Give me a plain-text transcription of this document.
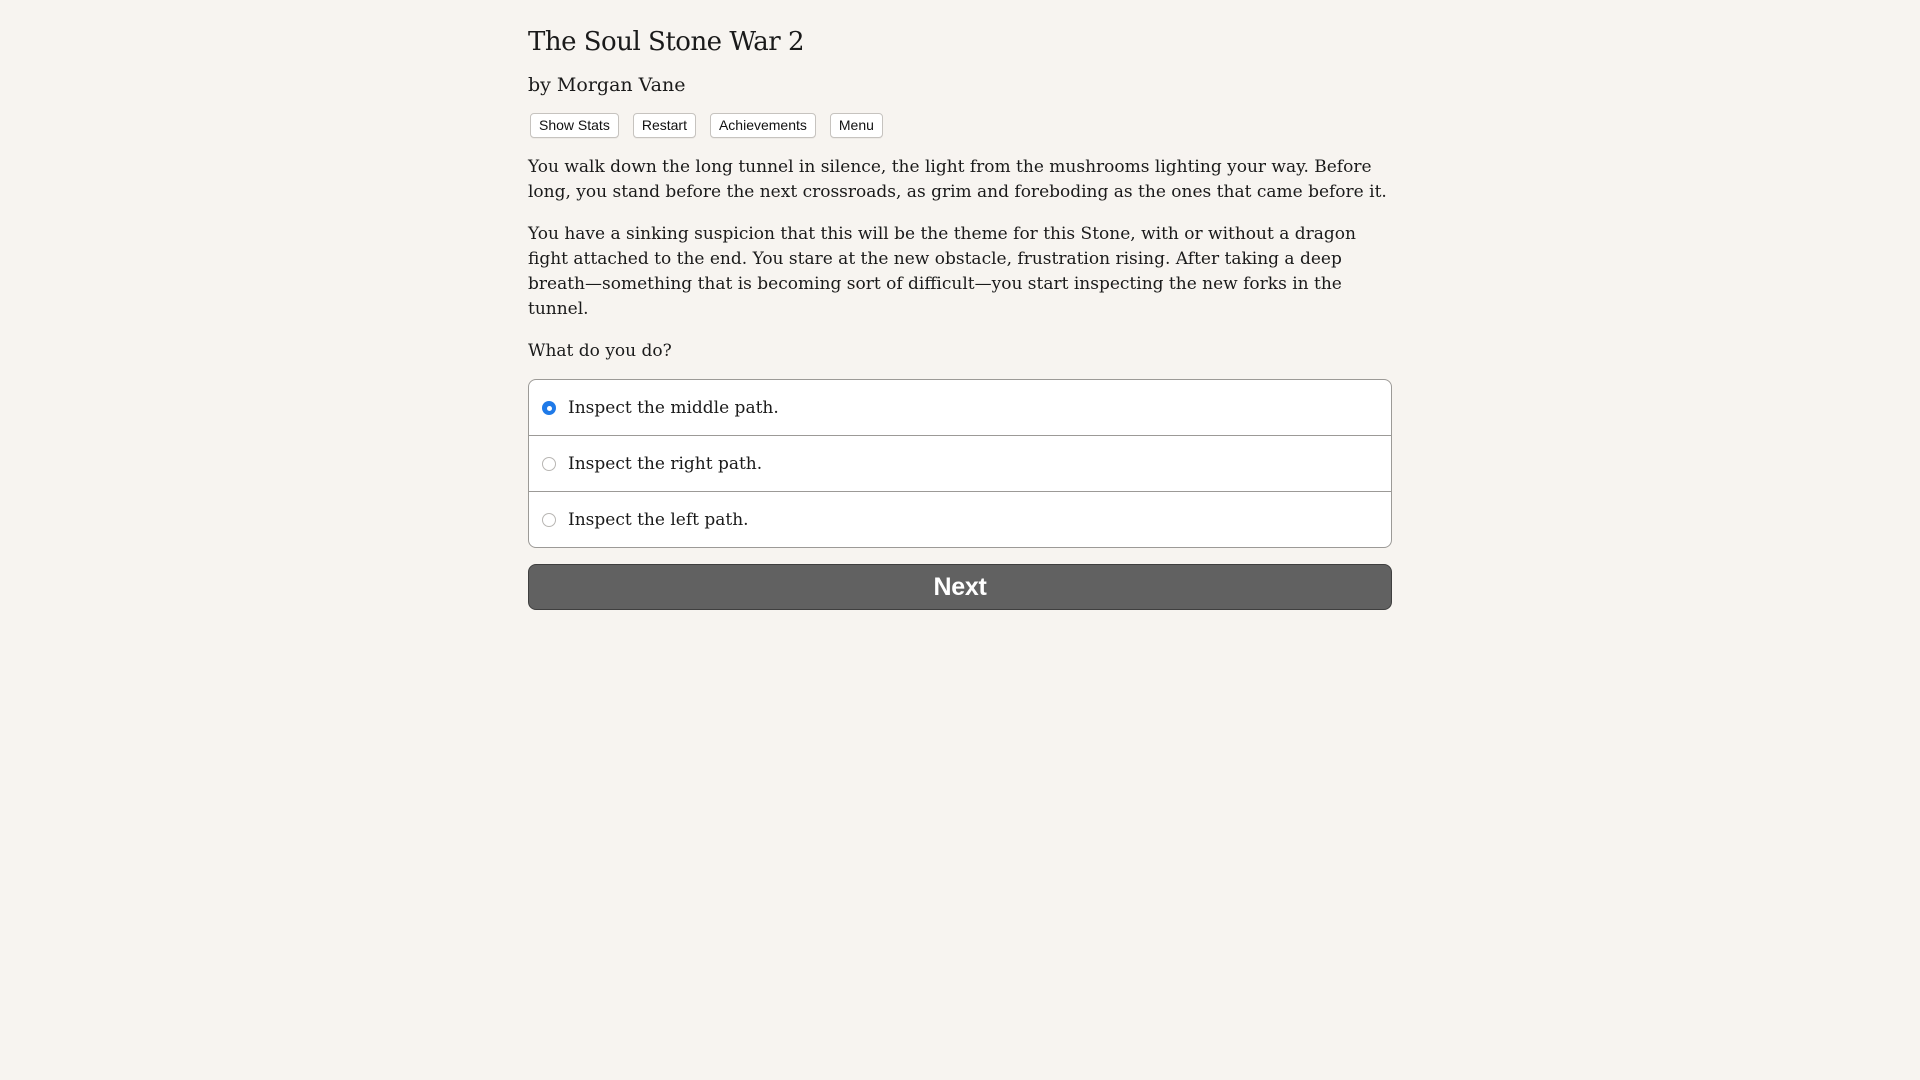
The Soul Stone War 2
by Morgan Vane
Show Stats	Restart	Achievements	Menu

You walk down the long tunnel in silence, the light from the mushrooms lighting your way. Before long, you stand before the next crossroads, as grim and foreboding as the ones that came before it.

You have a sinking suspicion that this will be the theme for this Stone, with or without a dragon fight attached to the end. You stare at the new obstacle, frustration rising. After taking a deep breath—something that is becoming sort of difficult—you start inspecting the new forks in the tunnel.

What do you do?

Inspect the middle path.
Inspect the right path.
Inspect the left path.
Next
